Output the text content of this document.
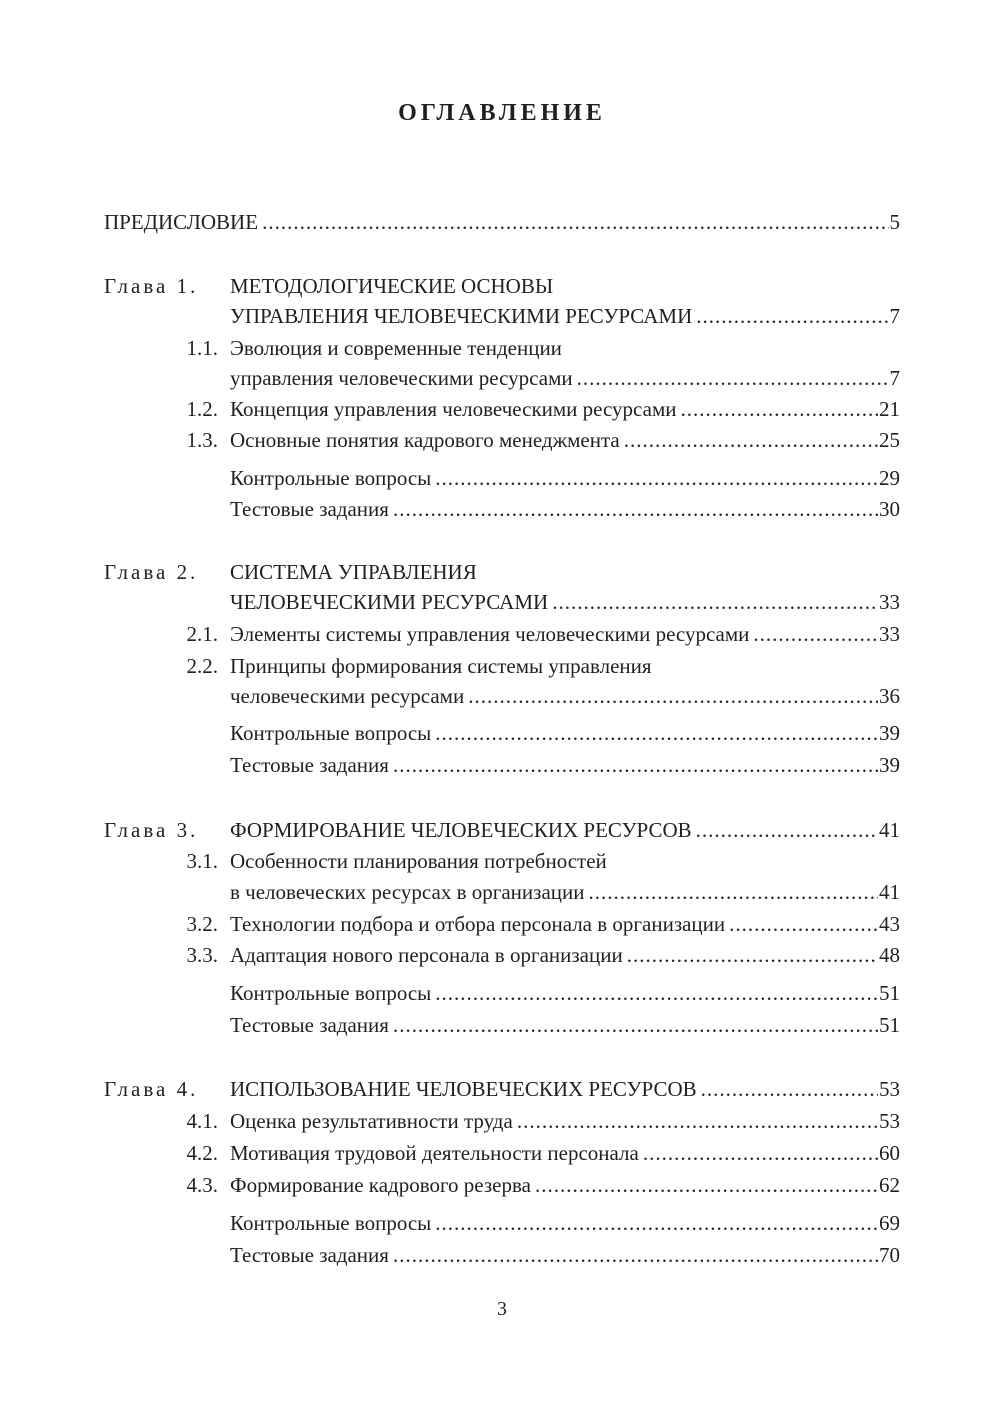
ОГЛАВЛЕНИЕ
ПРЕДИСЛОВИЕ .....	5
Глава 1. МЕТОДОЛОГИЧЕСКИЕ ОСНОВЫ
УПРАВЛЕНИЯ ЧЕЛОВЕЧЕСКИМИ РЕСУРСАМИ .....	7
1.1. Эволюция и современные тенденции
управления человеческими ресурсами .....	7
1.2. Концепция управления человеческими ресурсами .....	21
1.3. Основные понятия кадрового менеджмента .....	25
Контрольные вопросы .....	29
Тестовые задания .....	30
Глава 2. СИСТЕМА УПРАВЛЕНИЯ
ЧЕЛОВЕЧЕСКИМИ РЕСУРСАМИ .....	33
2.1. Элементы системы управления человеческими ресурсами .....	33
2.2. Принципы формирования системы управления
человеческими ресурсами .....	36
Контрольные вопросы .....	39
Тестовые задания .....	39
Глава 3. ФОРМИРОВАНИЕ ЧЕЛОВЕЧЕСКИХ РЕСУРСОВ .....	41
3.1. Особенности планирования потребностей
в человеческих ресурсах в организации .....	41
3.2. Технологии подбора и отбора персонала в организации .....	43
3.3. Адаптация нового персонала в организации .....	48
Контрольные вопросы .....	51
Тестовые задания .....	51
Глава 4. ИСПОЛЬЗОВАНИЕ ЧЕЛОВЕЧЕСКИХ РЕСУРСОВ .....	53
4.1. Оценка результативности труда .....	53
4.2. Мотивация трудовой деятельности персонала .....	60
4.3. Формирование кадрового резерва .....	62
Контрольные вопросы .....	69
Тестовые задания .....	70
3
